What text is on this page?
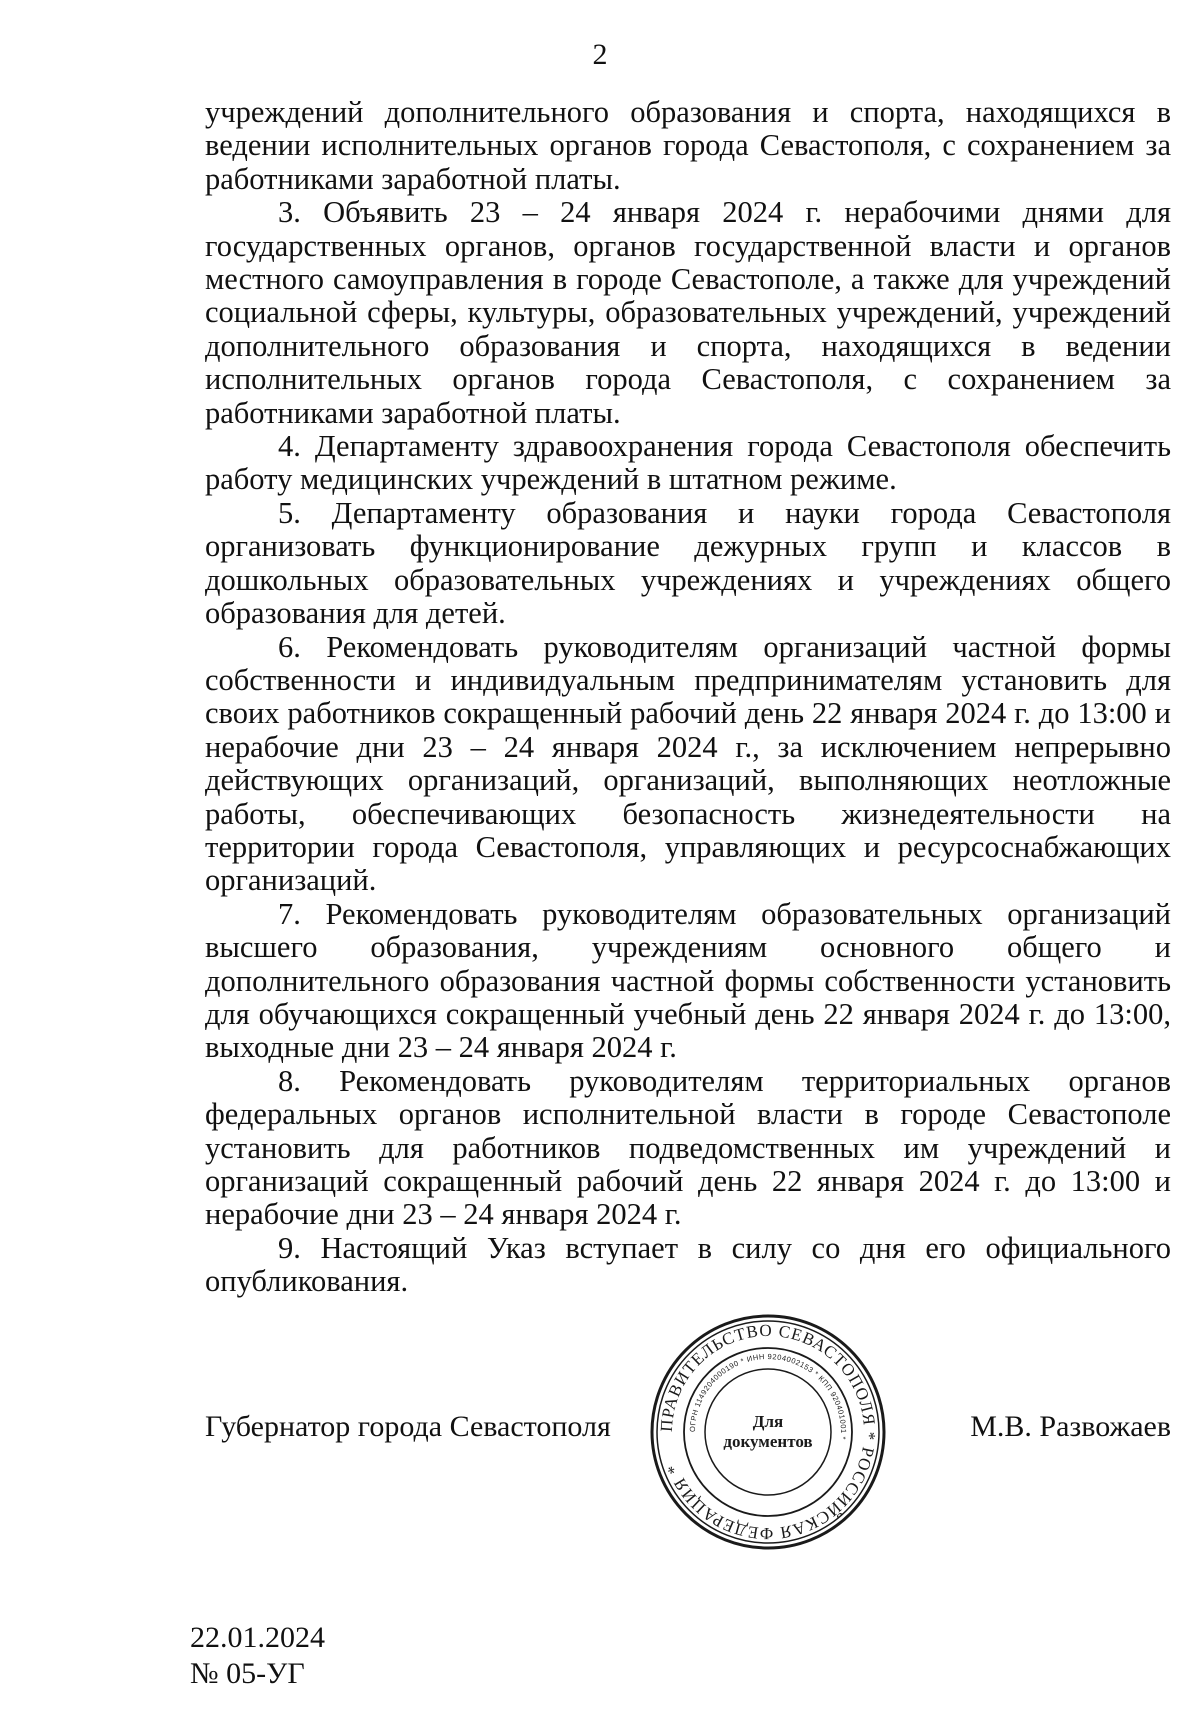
2

учреждений дополнительного образования и спорта, находящихся в ведении исполнительных органов города Севастополя, с сохранением за работниками заработной платы.

3. Объявить 23 – 24 января 2024 г. нерабочими днями для государственных органов, органов государственной власти и органов местного самоуправления в городе Севастополе, а также для учреждений социальной сферы, культуры, образовательных учреждений, учреждений дополнительного образования и спорта, находящихся в ведении исполнительных органов города Севастополя, с сохранением за работниками заработной платы.

4. Департаменту здравоохранения города Севастополя обеспечить работу медицинских учреждений в штатном режиме.

5. Департаменту образования и науки города Севастополя организовать функционирование дежурных групп и классов в дошкольных образовательных учреждениях и учреждениях общего образования для детей.

6. Рекомендовать руководителям организаций частной формы собственности и индивидуальным предпринимателям установить для своих работников сокращенный рабочий день 22 января 2024 г. до 13:00 и нерабочие дни 23 – 24 января 2024 г., за исключением непрерывно действующих организаций, организаций, выполняющих неотложные работы, обеспечивающих безопасность жизнедеятельности на территории города Севастополя, управляющих и ресурсоснабжающих организаций.

7. Рекомендовать руководителям образовательных организаций высшего образования, учреждениям основного общего и дополнительного образования частной формы собственности установить для обучающихся сокращенный учебный день 22 января 2024 г. до 13:00, выходные дни 23 – 24 января 2024 г.

8. Рекомендовать руководителям территориальных органов федеральных органов исполнительной власти в городе Севастополе установить для работников подведомственных им учреждений и организаций сокращенный рабочий день 22 января 2024 г. до 13:00 и нерабочие дни 23 – 24 января 2024 г.

9. Настоящий Указ вступает в силу со дня его официального опубликования.

Губернатор города Севастополя	М.В. Развожаев
ПРАВИТЕЛЬСТВО СЕВАСТОПОЛЯ * РОССИЙСКАЯ ФЕДЕРАЦИЯ *
ОГРН 1149204000190 * ИНН 9204002153 * КПП 920401001 *
Для
документов
22.01.2024
№ 05-УГ
